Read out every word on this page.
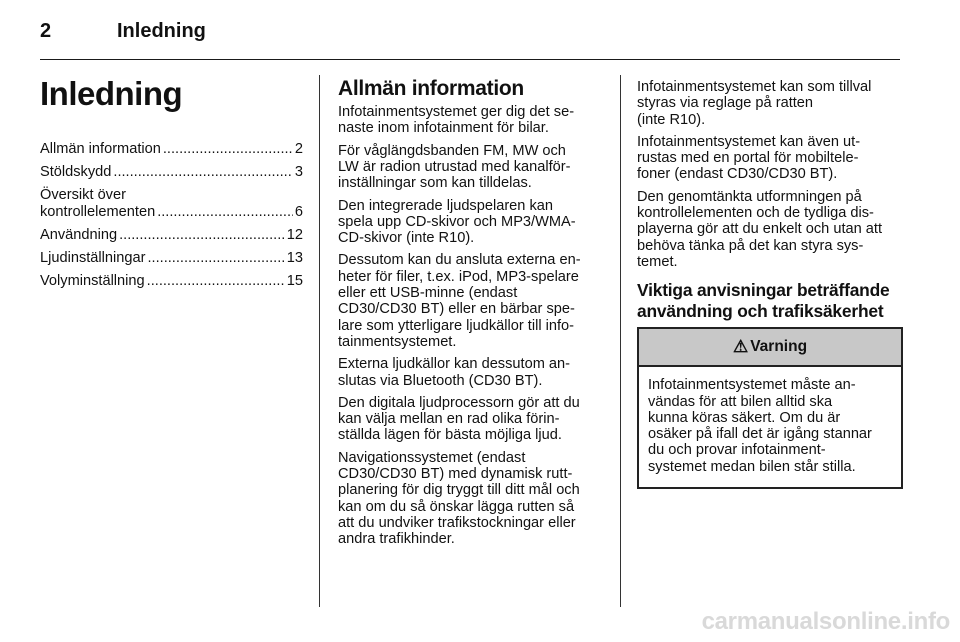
2	Inledning
Inledning
Allmän information .....	2
Stöldskydd .....	3
Översikt över
kontrollelementen .....	6
Användning .....	12
Ljudinställningar .....	13
Volyminställning .....	15
Allmän information

Infotainmentsystemet ger dig det se-
naste inom infotainment för bilar.

För våglängdsbanden FM, MW och
LW är radion utrustad med kanalför-
inställningar som kan tilldelas.

Den integrerade ljudspelaren kan
spela upp CD-skivor och MP3/WMA-
CD-skivor (inte R10).

Dessutom kan du ansluta externa en-
heter för filer, t.ex. iPod, MP3-spelare
eller ett USB-minne (endast
CD30/CD30 BT) eller en bärbar spe-
lare som ytterligare ljudkällor till info-
tainmentsystemet.

Externa ljudkällor kan dessutom an-
slutas via Bluetooth (CD30 BT).

Den digitala ljudprocessorn gör att du
kan välja mellan en rad olika förin-
ställda lägen för bästa möjliga ljud.

Navigationssystemet (endast
CD30/CD30 BT) med dynamisk rutt-
planering för dig tryggt till ditt mål och
kan om du så önskar lägga rutten så
att du undviker trafikstockningar eller
andra trafikhinder.

Infotainmentsystemet kan som tillval
styras via reglage på ratten
(inte R10).

Infotainmentsystemet kan även ut-
rustas med en portal för mobiltele-
foner (endast CD30/CD30 BT).

Den genomtänkta utformningen på
kontrollelementen och de tydliga dis-
playerna gör att du enkelt och utan att
behöva tänka på det kan styra sys-
temet.

Viktiga anvisningar beträffande
användning och trafiksäkerhet
⚠ Varning
Infotainmentsystemet måste an-
vändas för att bilen alltid ska
kunna köras säkert. Om du är
osäker på ifall det är igång stannar
du och provar infotainment-
systemet medan bilen står stilla.
carmanualsonline.info
